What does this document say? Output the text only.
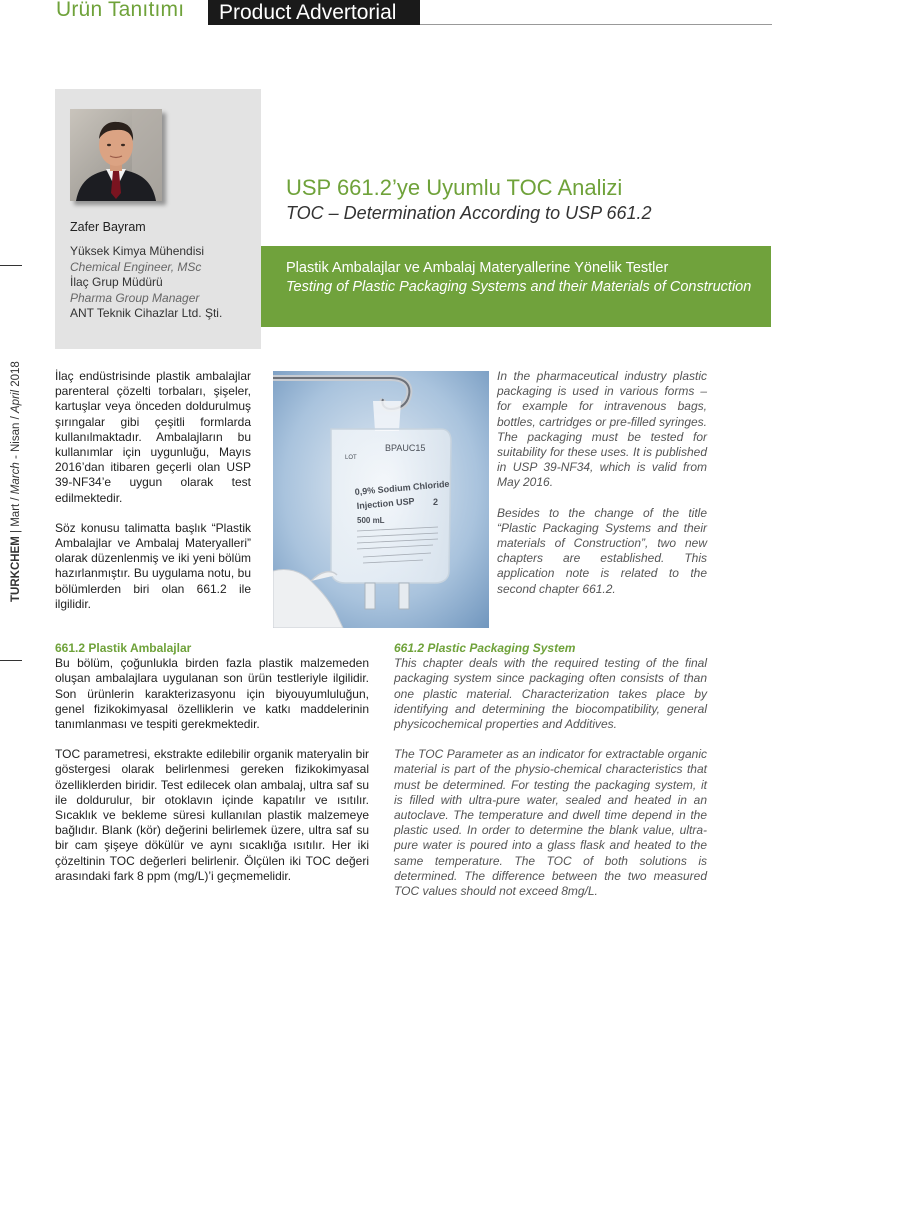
Ürün Tanıtımı	Product Advertorial
TURKCHEM | Mart / March - Nisan / April 2018
Zafer Bayram
Yüksek Kimya Mühendisi
Chemical Engineer, MSc
İlaç Grup Müdürü
Pharma Group Manager
ANT Teknik Cihazlar Ltd. Şti.
USP 661.2’ye Uyumlu TOC Analizi
TOC – Determination According to USP 661.2
Plastik Ambalajlar ve Ambalaj Materyallerine Yönelik Testler
Testing of Plastic Packaging Systems and their Materials of Construction
LOT
BPAUC15
0,9% Sodium Chloride
Injection USP
500 mL
2

İlaç endüstrisinde plastik ambalajlar parenteral çözelti torbaları, şişeler, kartuşlar veya önceden doldurulmuş şırıngalar gibi çeşitli formlarda kullanılmaktadır. Ambalajların bu kullanımlar için uygunluğu, Mayıs 2016’dan itibaren geçerli olan USP 39-NF34’e uygun olarak test edilmektedir.

Söz konusu talimatta başlık “Plastik Ambalajlar ve Ambalaj Materyalleri” olarak düzenlenmiş ve iki yeni bölüm hazırlanmıştır. Bu uygulama notu, bu bölümlerden biri olan 661.2 ile ilgilidir.

In the pharmaceutical industry plastic packaging is used in various forms – for example for intravenous bags, bottles, cartridges or pre-filled syringes. The packaging must be tested for suitability for these uses. It is published in USP 39-NF34, which is valid from May 2016.

Besides to the change of the title “Plastic Packaging Systems and their materials of Construction”, two new chapters are established. This application note is related to the second chapter 661.2.

661.2 Plastik Ambalajlar

Bu bölüm, çoğunlukla birden fazla plastik malzemeden oluşan ambalajlara uygulanan son ürün testleriyle ilgilidir. Son ürünlerin karakterizasyonu için biyouyumluluğun, genel fizikokimyasal özelliklerin ve katkı maddelerinin tanımlanması ve tespiti gerekmektedir.

TOC parametresi, ekstrakte edilebilir organik materyalin bir göstergesi olarak belirlenmesi gereken fizikokimyasal özelliklerden biridir. Test edilecek olan ambalaj, ultra saf su ile doldurulur, bir otoklavın içinde kapatılır ve ısıtılır. Sıcaklık ve bekleme süresi kullanılan plastik malzemeye bağlıdır. Blank (kör) değerini belirlemek üzere, ultra saf su bir cam şişeye dökülür ve aynı sıcaklığa ısıtılır. Her iki çözeltinin TOC değerleri belirlenir. Ölçülen iki TOC değeri arasındaki fark 8 ppm (mg/L)’i geçmemelidir.

661.2 Plastic Packaging System

This chapter deals with the required testing of the final packaging system since packaging often consists of than one plastic material. Characterization takes place by identifying and determining the biocompatibility, general physicochemical properties and Additives.

The TOC Parameter as an indicator for extractable organic material is part of the physio-chemical characteristics that must be determined. For testing the packaging system, it is filled with ultra-pure water, sealed and heated in an autoclave. The temperature and dwell time depend in the plastic used. In order to determine the blank value, ultra-pure water is poured into a glass flask and heated to the same temperature. The TOC of both solutions is determined. The difference between the two measured TOC values should not exceed 8mg/L.
